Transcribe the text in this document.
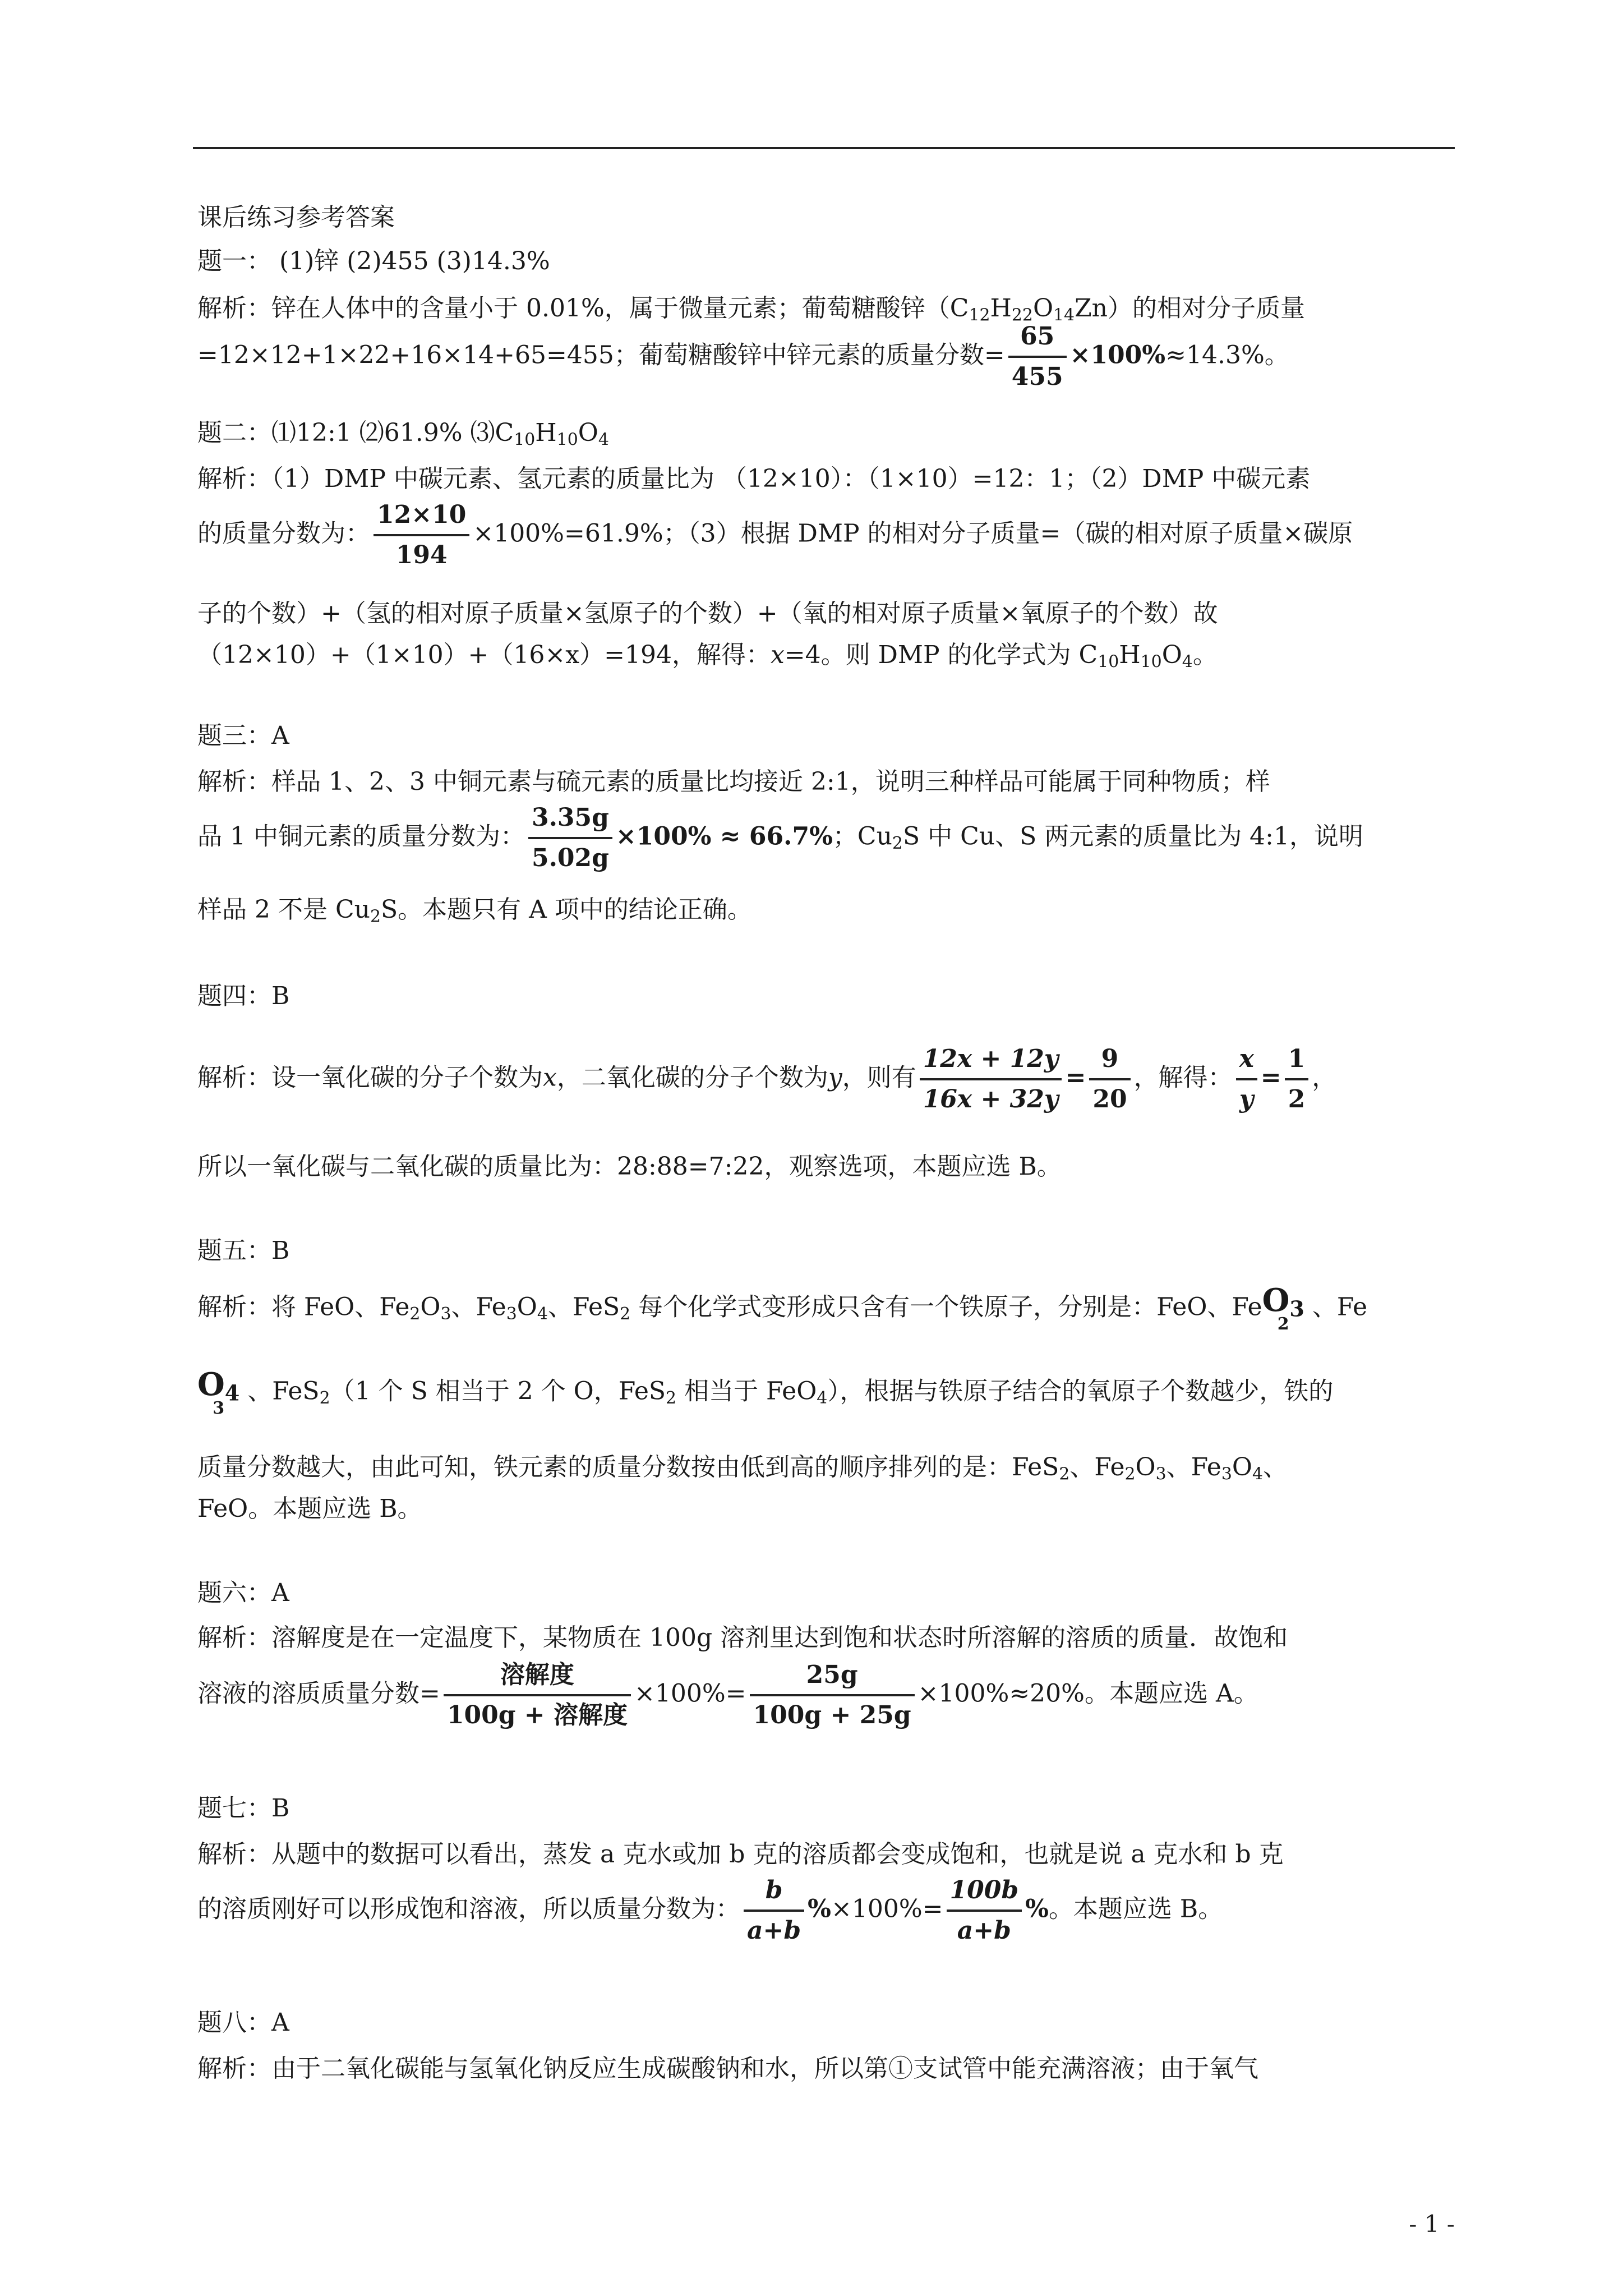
课后练习参考答案
题一： (1)锌 (2)455 (3)14.3%
解析：锌在人体中的含量小于 0.01%，属于微量元素；葡萄糖酸锌$(C_{12}H_{22}O_{14}Zn)$的相对分子质量
=12×12+1×22+16×14+65=455；葡萄糖酸锌中锌元素的质量分数= $\frac{65}{455} \times 100\%\approx 14.3\%$。
题二：⑴12:1 ⑵61.9% $⑶C_{10}H_{10}O_4$
解析：（1）DMP 中碳元素、氢元素的质量比为 （12×10）：（1×10）=12：1；（2）DMP 中碳元素
的质量分数为： $\frac{12\times 10}{194} \times 100\%=61.9\%$；（3）根据 DMP 的相对分子质量=（碳的相对原子质量×碳原
子的个数）+（氢的相对原子质量×氢原子的个数）+（氧的相对原子质量×氧原子的个数）故
（12×10）+（1×10）+（16×x）=194，解得：x=4。则 DMP 的化学式为 $C_{10}H_{10}O_4$。
题三：A
解析：样品 1、2、3 中铜元素与硫元素的质量比均接近 2:1，说明三种样品可能属于同种物质；样
品 1 中铜元素的质量分数为： $\frac{3.35g}{5.02g} \times 100\% \approx 66.7\%$；$Cu_2S$ 中 Cu、S 两元素的质量比为 4:1，说明
样品 2 不是 $Cu_2S$。本题只有 A 项中的结论正确。
题四：B
解析：设一氧化碳的分子个数为x，二氧化碳的分子个数为y，则有 $\frac{12x + 12y}{16x + 32y} = \frac{9}{20}$ ，解得： $\frac{x}{y} = \frac{1}{2}$ ，
所以一氧化碳与二氧化碳的质量比为：28:88=7:22，观察选项，本题应选 B。
题五：B
解析：将 FeO、$Fe_2O_3$、$Fe_3O_4$、FeS$_2$ 每个化学式变形成只含有一个铁原子，分别是：FeO、Fe $O_3$
2
、Fe
$O_4$
3
、FeS$_2$（1 个 S 相当于 2 个 O，FeS$_2$ 相当于 FeO$_4$），根据与铁原子结合的氧原子个数越少，铁的
质量分数越大，由此可知，铁元素的质量分数按由低到高的顺序排列的是：FeS$_2$、$Fe_2O_3$、$Fe_3O_4$、
FeO。本题应选 B。
题六：A
解析：溶解度是在一定温度下，某物质在 100g 溶剂里达到饱和状态时所溶解的溶质的质量．故饱和
溶液的溶质质量分数= $\frac{\text{溶解度}}{\text{100g + 溶解度}} \times 100\%= \frac{25g}{100g + 25g} \times 100\%\approx 20\%$。本题应选 A。
题七：B
解析：从题中的数据可以看出，蒸发 a 克水或加 b 克的溶质都会变成饱和，也就是说 a 克水和 b 克
的溶质刚好可以形成饱和溶液，所以质量分数为： $\frac{b}{a+b} \%\times 100\%= \frac{100b}{a+b}$ %。本题应选 B。
题八：A
解析：由于二氧化碳能与氢氧化钠反应生成碳酸钠和水，所以第①支试管中能充满溶液；由于氧气
- 1 -
